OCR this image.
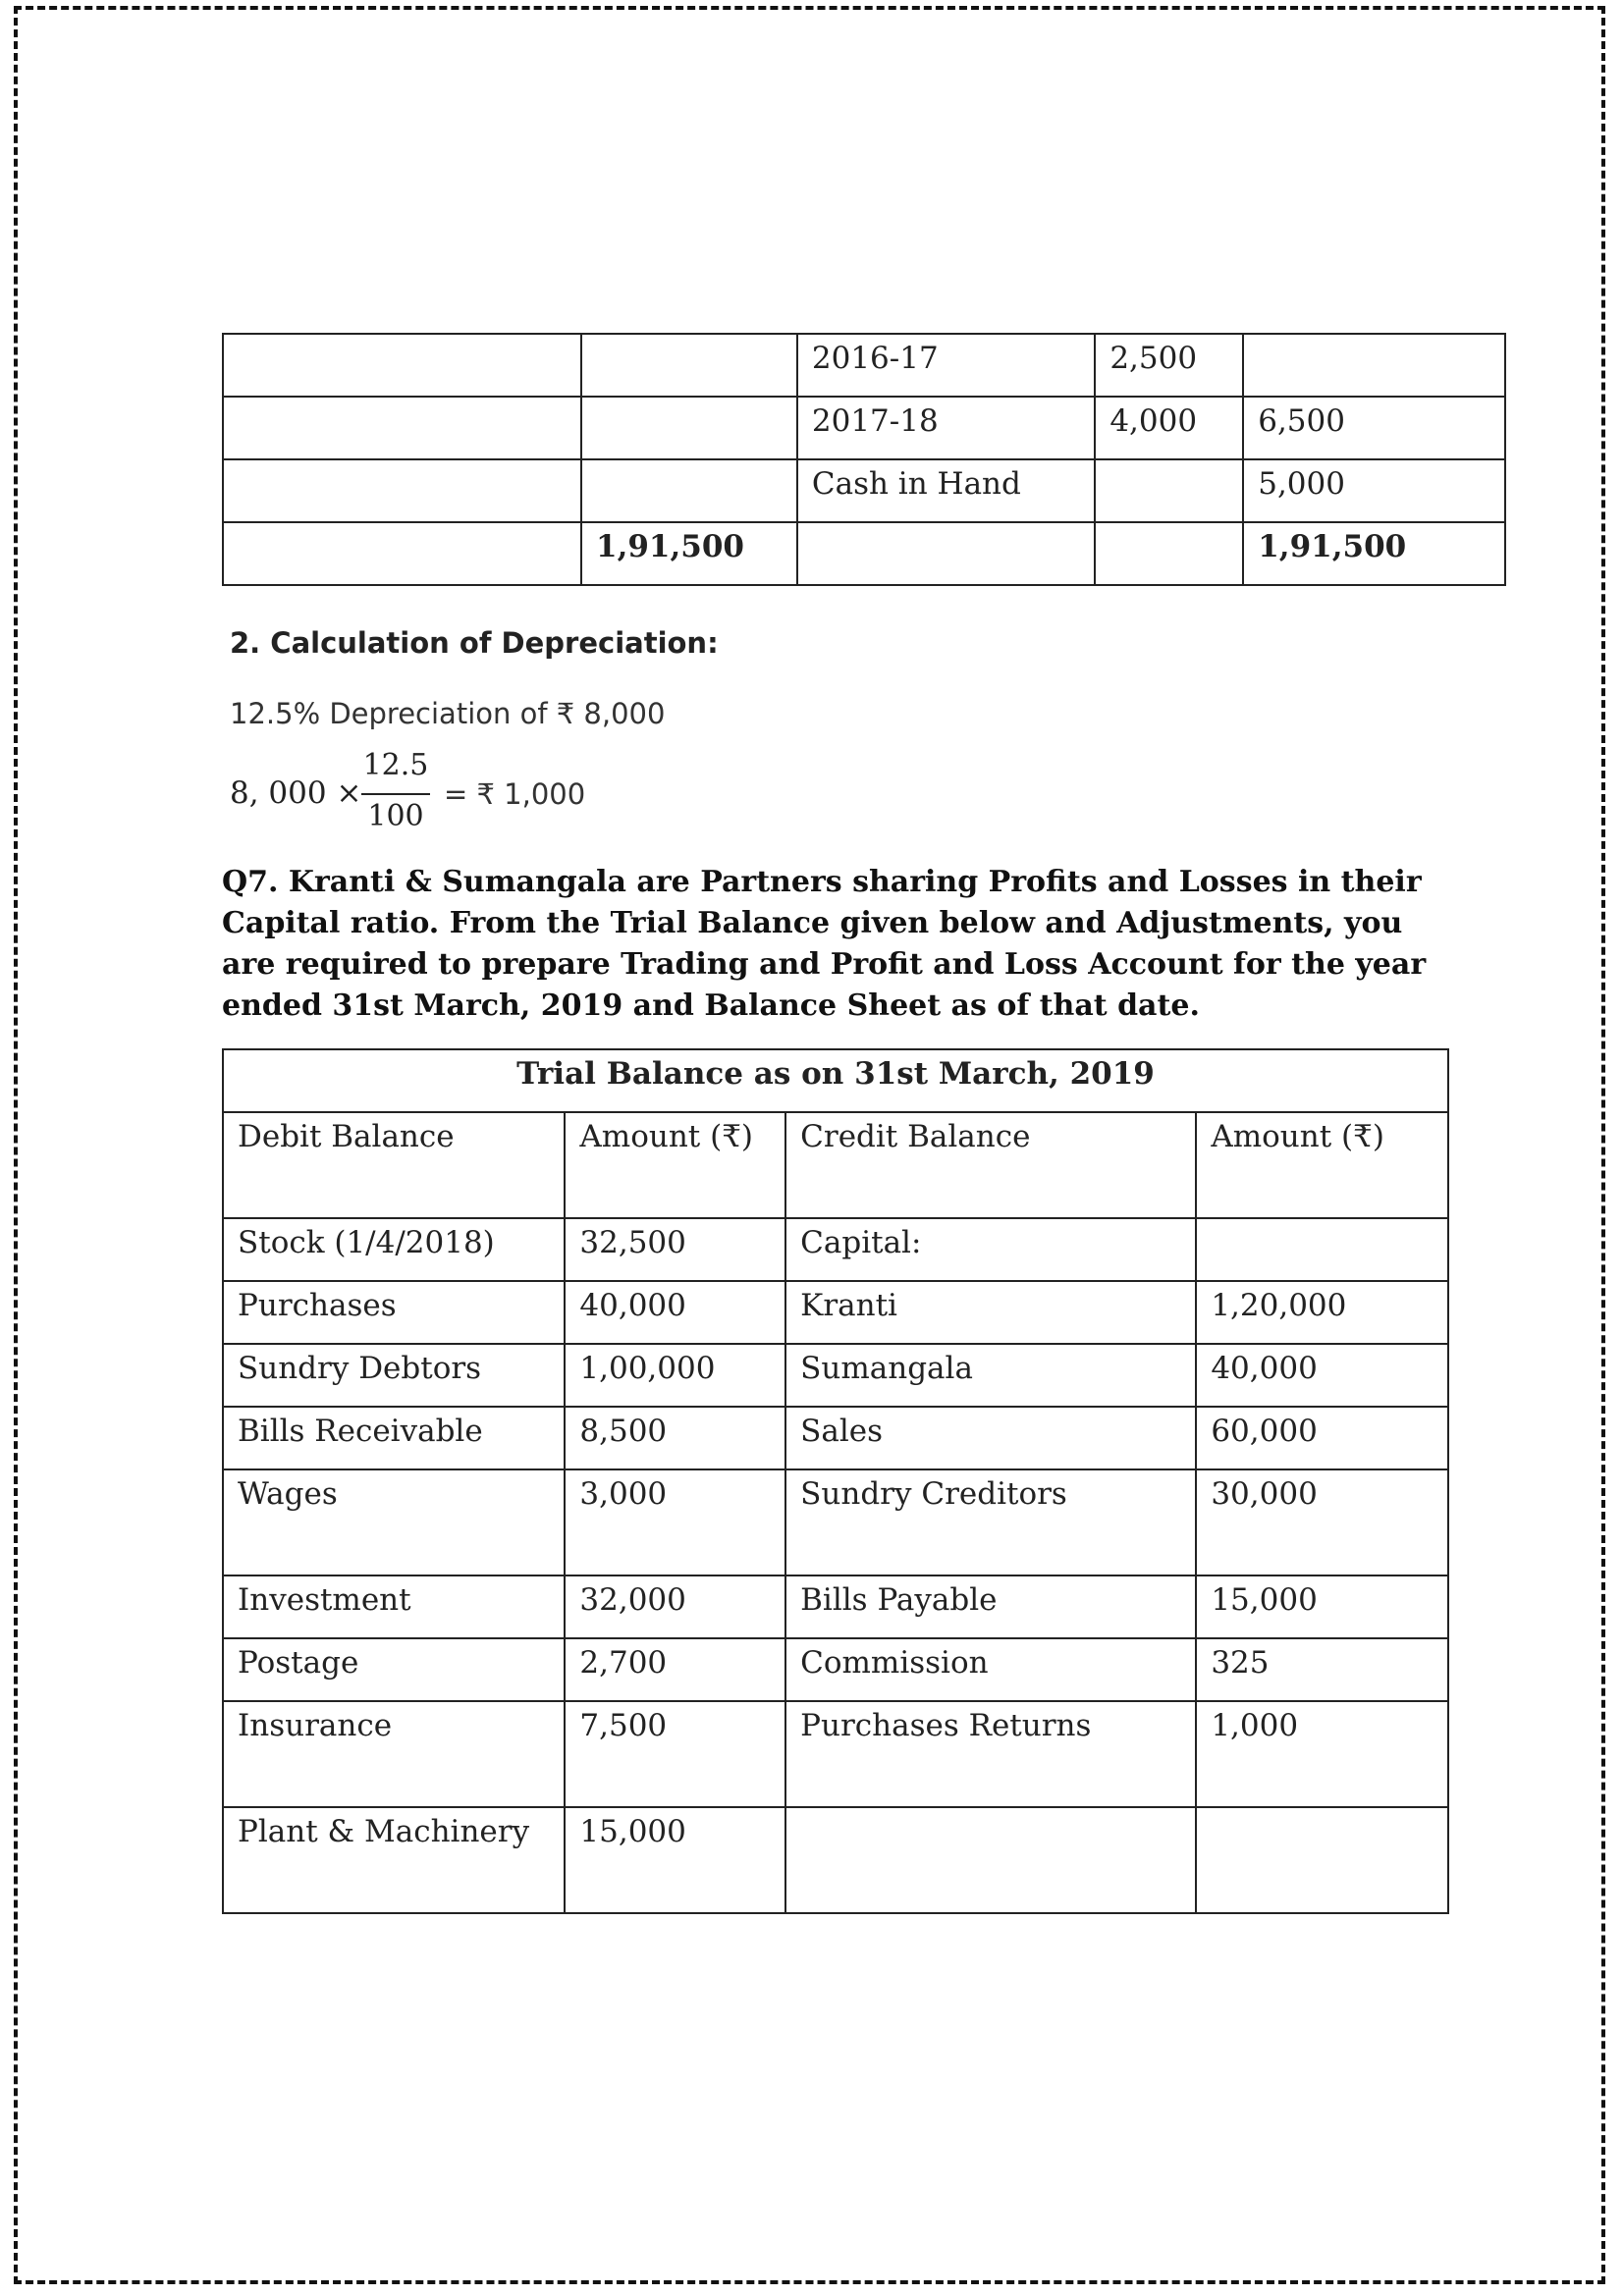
		2016-17	2,500	
		2017-18	4,000	6,500
		Cash in Hand		5,000
	1,91,500			1,91,500
2. Calculation of Depreciation:
12.5% Depreciation of ₹ 8,000
8, 000 ×
12.5
100
= ₹ 1,000
Q7. Kranti & Sumangala are Partners sharing Profits and Losses in their Capital ratio. From the Trial Balance given below and Adjustments, you are required to prepare Trading and Profit and Loss Account for the year ended 31st March, 2019 and Balance Sheet as of that date.
Trial Balance as on 31st March, 2019			
Debit Balance	Amount (₹)	Credit Balance	Amount (₹)
Stock (1/4/2018)	32,500	Capital:	
Purchases	40,000	Kranti	1,20,000
Sundry Debtors	1,00,000	Sumangala	40,000
Bills Receivable	8,500	Sales	60,000
Wages	3,000	Sundry Creditors	30,000
Investment	32,000	Bills Payable	15,000
Postage	2,700	Commission	325
Insurance	7,500	Purchases Returns	1,000
Plant & Machinery	15,000		
